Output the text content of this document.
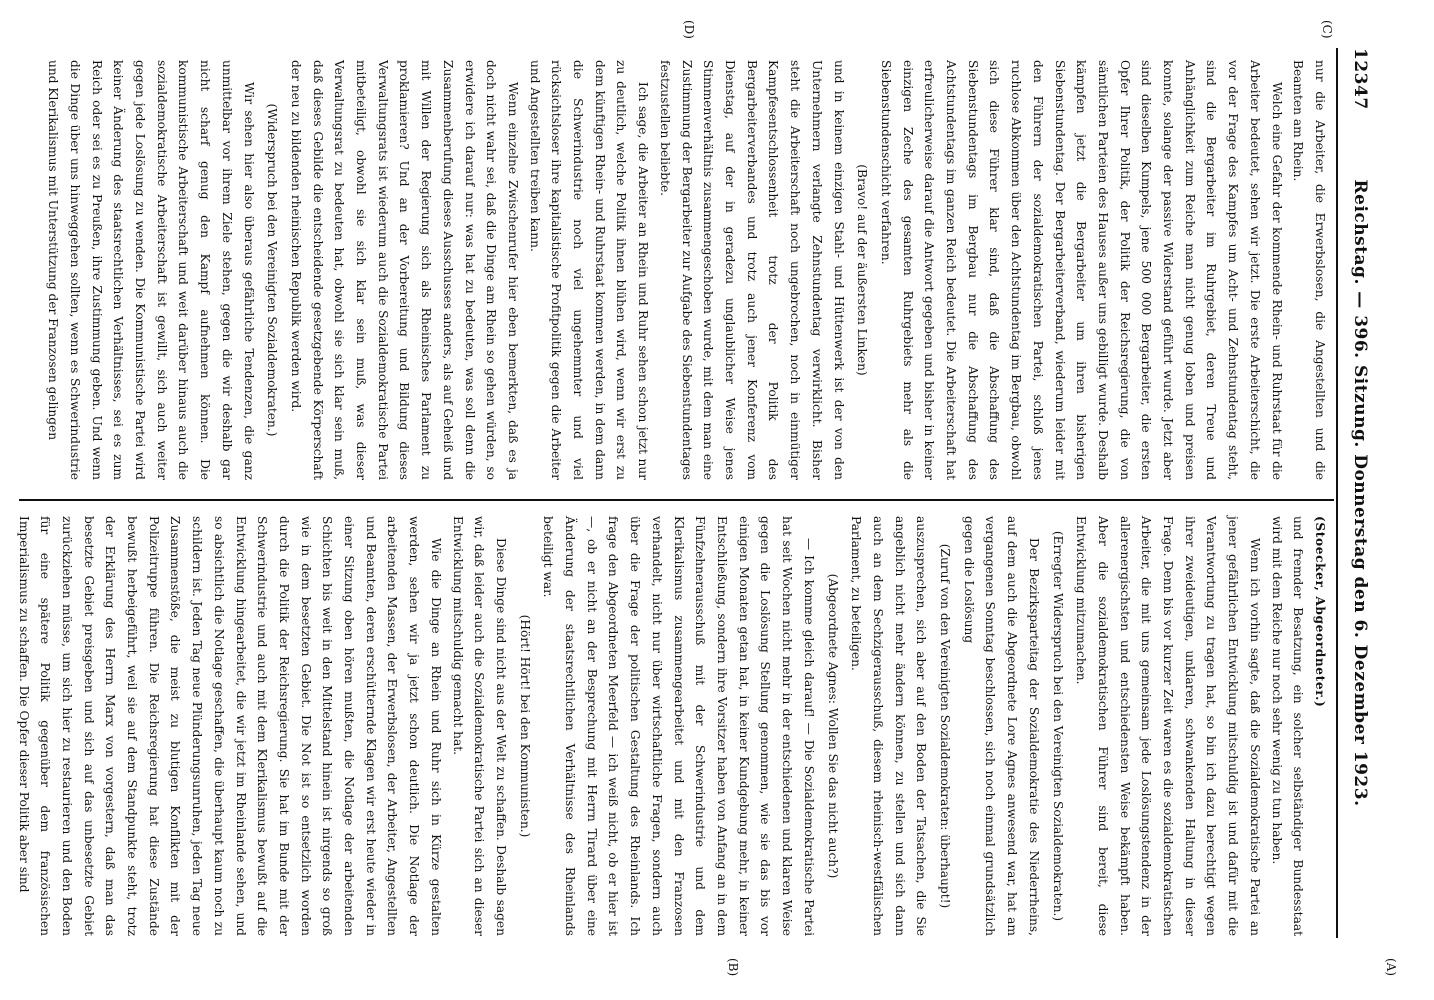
12347
Reichstag. — 396. Sitzung. Donnerstag den 6. Dezember 1923.
(C)
(D)
(A)
(B)

nur die Arbeiter, die Erwerbslosen, die Angestellten und die Beamten am Rhein.

Welch eine Gefahr der kommende Rhein- und Ruhrstaat für die Arbeiter bedeutet, sehen wir jetzt. Die erste Arbeiterschicht, die vor der Frage des Kampfes um Acht- und Zehnstundentag steht, sind die Bergarbeiter im Ruhrgebiet, deren Treue und Anhänglichkeit zum Reiche man nicht genug loben und preisen konnte, solange der passive Widerstand geführt wurde. Jetzt aber sind dieselben Kumpels, jene 500 000 Bergarbeiter, die ersten Opfer Ihrer Politik, der Politik der Reichsregierung, die von sämtlichen Parteien des Hauses außer uns gebilligt wurde. Deshalb kämpfen jetzt die Bergarbeiter um ihren bisherigen Siebenstundentag. Der Bergarbeiterverband, wiederum leider mit den Führern der sozialdemokratischen Partei, schloß jenes ruchlose Abkommen über den Achtstundentag im Bergbau, obwohl sich diese Führer klar sind, daß die Abschaffung des Siebenstundentags im Bergbau nur die Abschaffung des Achtstundentags im ganzen Reich bedeutet. Die Arbeiterschaft hat erfreulicherweise darauf die Antwort gegeben und bisher in keiner einzigen Zeche des gesamten Ruhrgebiets mehr als die Siebenstundenschicht verfahren.

(Bravo! auf der äußersten Linken)

und in keinem einzigen Stahl- und Hüttenwerk ist der von den Unternehmern verlangte Zehnstundentag verwirklicht. Bisher steht die Arbeiterschaft noch ungebrochen, noch in einmütiger Kampfesentschlossenheit trotz der Politik des Bergarbeiterverbandes und trotz auch jener Konferenz vom Dienstag, auf der in geradezu unglaublicher Weise jenes Stimmenverhältnis zusammengeschoben wurde, mit dem man eine Zustimmung der Bergarbeiter zur Aufgabe des Siebenstundentages festzustellen beliebte.

Ich sage, die Arbeiter an Rhein und Ruhr sehen schon jetzt nur zu deutlich, welche Politik ihnen blühen wird, wenn wir erst zu dem künftigen Rhein- und Ruhrstaat kommen werden, in dem dann die Schwerindustrie noch viel ungehemmter und viel rücksichtsloser ihre kapitalistische Profitpolitik gegen die Arbeiter und Angestellten treiben kann.

Wenn einzelne Zwischenrufer hier eben bemerkten, daß es ja doch nicht wahr sei, daß die Dinge am Rhein so gehen würden, so erwidere ich darauf nur: was hat zu bedeuten, was soll denn die Zusammenberufung dieses Ausschusses anders, als auf Geheiß und mit Willen der Regierung sich als Rheinisches Parlament zu proklamieren? Und an der Vorbereitung und Bildung dieses Verwaltungsrats ist wiederum auch die Sozialdemokratische Partei mitbeteiligt, obwohl sie sich klar sein muß, was dieser Verwaltungsrat zu bedeuten hat, obwohl sie sich klar sein muß, daß dieses Gebilde die entscheidende gesetzgebende Körperschaft der neu zu bildenden rheinischen Republik werden wird.

(Widerspruch bei den Vereinigten Sozialdemokraten.)

Wir sehen hier also überaus gefährliche Tendenzen, die ganz unmittelbar vor ihrem Ziele stehen, gegen die wir deshalb gar nicht scharf genug den Kampf aufnehmen können. Die kommunistische Arbeiterschaft und weit darüber hinaus auch die sozialdemokratische Arbeiterschaft ist gewillt, sich auch weiter gegen jede Loslösung zu wenden. Die Kommunistische Partei wird keiner Änderung des staatsrechtlichen Verhältnisses, sei es zum Reich oder sei es zu Preußen, ihre Zustimmung geben. Und wenn die Dinge über uns hinweggehen sollten, wenn es Schwerindustrie und Klerikalismus mit Unterstützung der Franzosen gelingen

(Stoecker, Abgeordneter.)

und fremder Besatzung, ein solcher selbständiger Bundesstaat wird mit dem Reiche nur noch sehr wenig zu tun haben.

Wenn ich vorhin sagte, daß die Sozialdemokratische Partei an jener gefährlichen Entwicklung mitschuldig ist und dafür mit die Verantwortung zu tragen hat, so bin ich dazu berechtigt wegen ihrer zweideutigen, unklaren, schwankenden Haltung in dieser Frage. Denn bis vor kurzer Zeit waren es die sozialdemokratischen Arbeiter, die mit uns gemeinsam jede Loslösungstendenz in der allerenergischsten und entschiedensten Weise bekämpft haben. Aber die sozialdemokratischen Führer sind bereit, diese Entwicklung mitzumachen.

(Erregter Widerspruch bei den Vereinigten Sozialdemokraten.)

Der Bezirksparteitag der Sozialdemokratie des Niederrheins, auf dem auch die Abgeordnete Lore Agnes anwesend war, hat am vergangenen Sonntag beschlossen, sich noch einmal grundsätzlich gegen die Loslösung

(Zuruf von den Vereinigten Sozialdemokraten: überhaupt!)

auszusprechen, sich aber auf den Boden der Tatsachen, die Sie angeblich nicht mehr ändern können, zu stellen und sich dann auch an dem Sechzigerausschuß, diesem rheinisch-westfälischen Parlament, zu beteiligen.

(Abgeordnete Agnes: Wollen Sie das nicht auch?)

— Ich komme gleich darauf! — Die Sozialdemokratische Partei hat seit Wochen nicht mehr in der entschiedenen und klaren Weise gegen die Loslösung Stellung genommen, wie sie das bis vor einigen Monaten getan hat, in keiner Kundgebung mehr, in keiner Entschließung, sondern ihre Vorsitzer haben von Anfang an in dem Fünfzehnerausschuß mit der Schwerindustrie und dem Klerikalismus zusammengearbeitet und mit den Franzosen verhandelt, nicht nur über wirtschaftliche Fragen, sondern auch über die Frage der politischen Gestaltung des Rheinlands. Ich frage den Abgeordneten Meerfeld — ich weiß nicht, ob er hier ist —, ob er nicht an der Besprechung mit Herrn Tirard über eine Änderung der staatsrechtlichen Verhältnisse des Rheinlands beteiligt war.

(Hört! Hört! bei den Kommunisten.)

Diese Dinge sind nicht aus der Welt zu schaffen. Deshalb sagen wir, daß leider auch die Sozialdemokratische Partei sich an dieser Entwicklung mitschuldig gemacht hat.

Wie die Dinge an Rhein und Ruhr sich in Kürze gestalten werden, sehen wir ja jetzt schon deutlich. Die Notlage der arbeitenden Massen, der Erwerbslosen, der Arbeiter, Angestellten und Beamten, deren erschütternde Klagen wir erst heute wieder in einer Sitzung oben hören mußten, die Notlage der arbeitenden Schichten bis weit in den Mittelstand hinein ist nirgends so groß wie in dem besetzten Gebiet. Die Not ist so entsetzlich worden durch die Politik der Reichsregierung. Sie hat im Bunde mit der Schwerindustrie und auch mit dem Klerikalismus bewußt auf die Entwicklung hingearbeitet, die wir jetzt im Rheinlande sehen, und so absichtlich die Notlage geschaffen, die überhaupt kaum noch zu schildern ist. Jeden Tag neue Plünderungsunruhen, jeden Tag neue Zusammenstöße, die meist zu blutigen Konflikten mit der Polizeitruppe führen. Die Reichsregierung hat diese Zustände bewußt herbeigeführt, weil sie auf dem Standpunkte steht, trotz der Erklärung des Herrn Marx von vorgestern, daß man das besetzte Gebiet preisgeben und sich auf das unbesetzte Gebiet zurückziehen müsse, um sich hier zu restaurieren und den Boden für eine spätere Politik gegenüber dem französischen Imperialismus zu schaffen. Die Opfer dieser Politik aber sind
